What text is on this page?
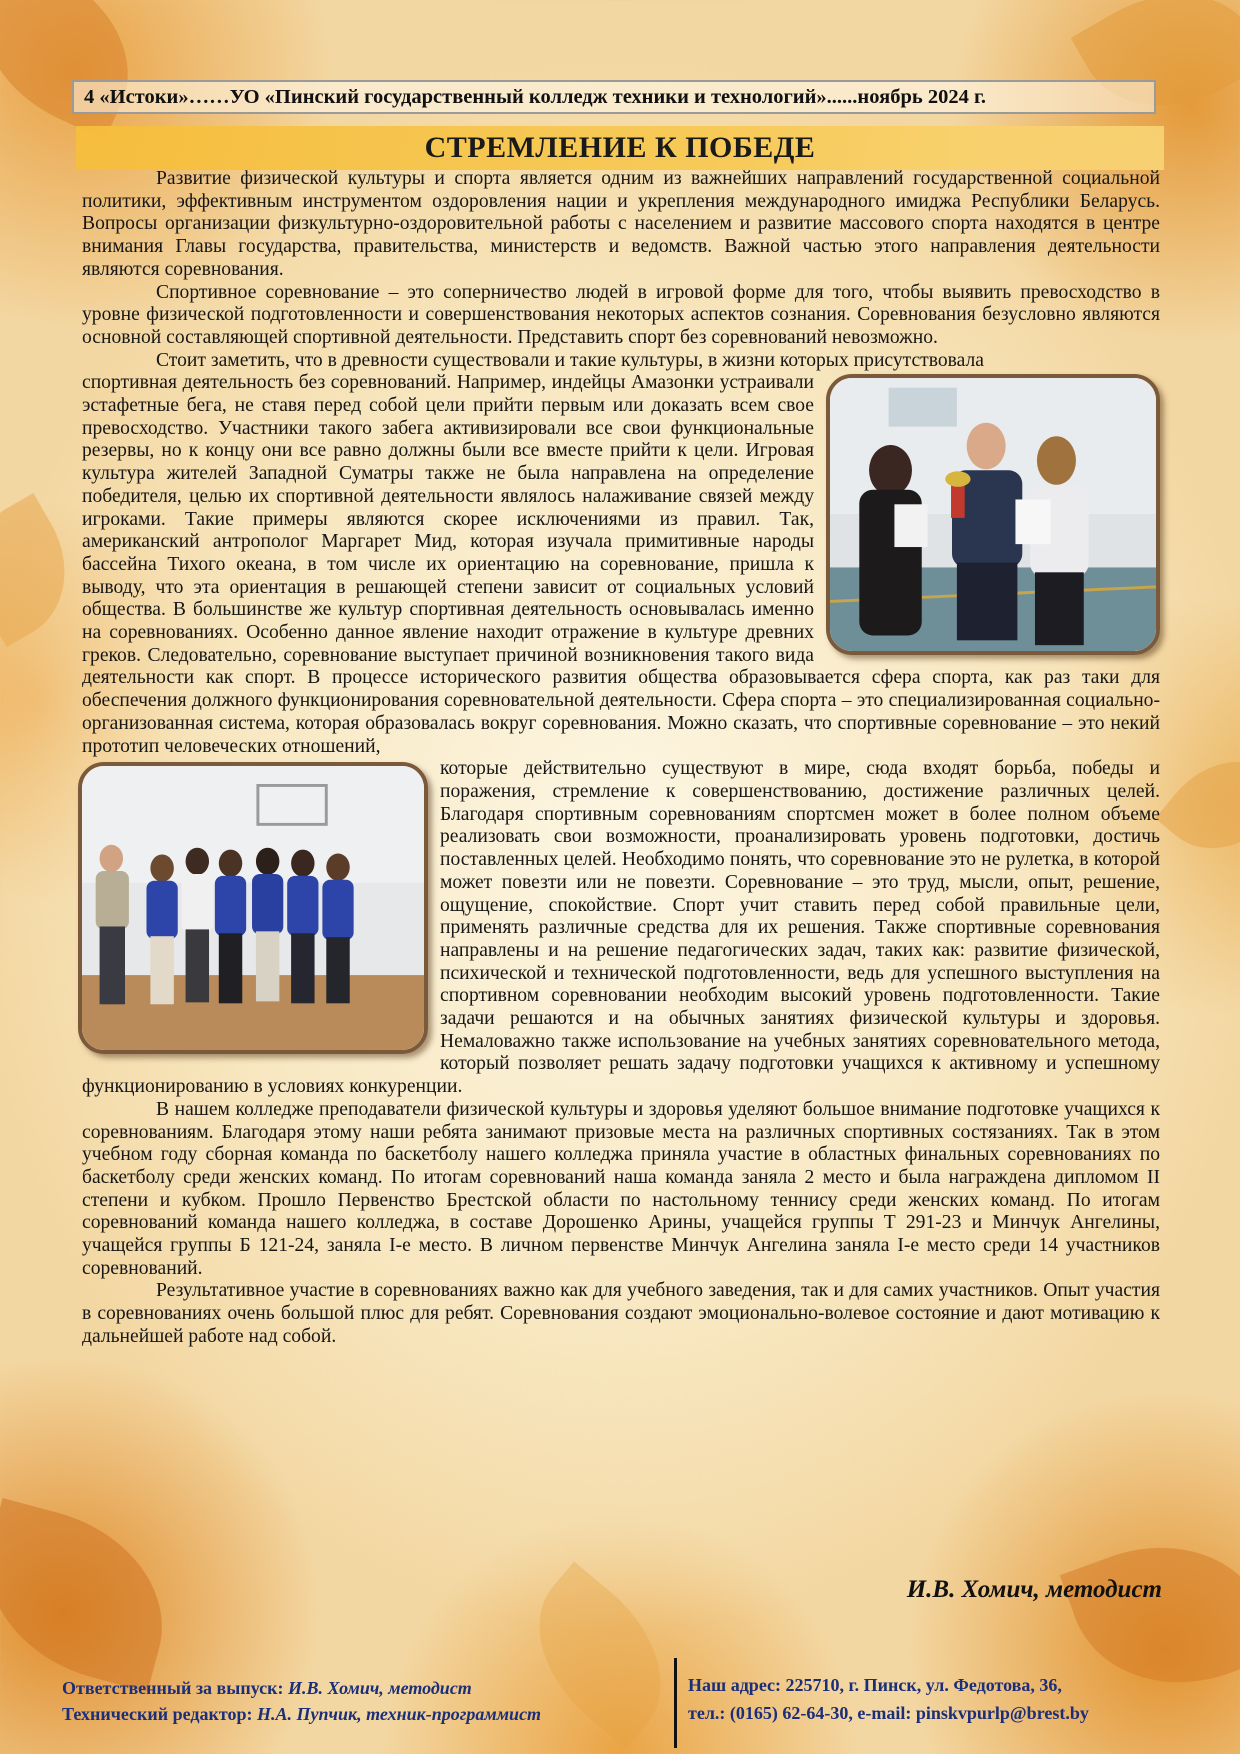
4 «Истоки»……УО «Пинский государственный колледж техники и технологий»......ноябрь 2024 г.
СТРЕМЛЕНИЕ К ПОБЕДЕ

Развитие физической культуры и спорта является одним из важнейших направлений государственной социальной политики, эффективным инструментом оздоровления нации и укрепления международного имиджа Республики Беларусь. Вопросы организации физкультурно-оздоровительной работы с населением и развитие массового спорта находятся в центре внимания Главы государства, правительства, министерств и ведомств. Важной частью этого направления деятельности являются соревнования.

Спортивное соревнование – это соперничество людей в игровой форме для того, чтобы выявить превосходство в уровне физической подготовленности и совершенствования некоторых аспектов сознания. Соревнования безусловно являются основной составляющей спортивной деятельности. Представить спорт без соревнований невозможно.

Стоит заметить, что в древности существовали и такие культуры, в жизни которых присутствовала

спортивная деятельность без соревнований. Например, индейцы Амазонки устраивали эстафетные бега, не ставя перед собой цели прийти первым или доказать всем свое превосходство. Участники такого забега активизировали все свои функциональные резервы, но к концу они все равно должны были все вместе прийти к цели. Игровая культура жителей Западной Суматры также не была направлена на определение победителя, целью их спортивной деятельности являлось налаживание связей между игроками. Такие примеры являются скорее исключениями из правил. Так, американский антрополог Маргарет Мид, которая изучала примитивные народы бассейна Тихого океана, в том числе их ориентацию на соревнование, пришла к выводу, что эта ориентация в решающей степени зависит от социальных условий общества. В большинстве же культур спортивная деятельность основывалась именно на соревнованиях. Особенно данное явление находит отражение в культуре древних греков. Следовательно, соревнование выступает причиной возникновения такого вида деятельности как спорт. В процессе исторического развития общества образовывается сфера спорта, как раз таки для обеспечения должного функционирования соревновательной деятельности. Сфера спорта – это специализированная социально-организованная система, которая образовалась вокруг соревнования. Можно сказать, что спортивные соревнование – это некий прототип человеческих отношений,

которые действительно существуют в мире, сюда входят борьба, победы и поражения, стремление к совершенствованию, достижение различных целей. Благодаря спортивным соревнованиям спортсмен может в более полном объеме реализовать свои возможности, проанализировать уровень подготовки, достичь поставленных целей. Необходимо понять, что соревнование это не рулетка, в которой может повезти или не повезти. Соревнование – это труд, мысли, опыт, решение, ощущение, спокойствие. Спорт учит ставить перед собой правильные цели, применять различные средства для их решения. Также спортивные соревнования направлены и на решение педагогических задач, таких как: развитие физической, психической и технической подготовленности, ведь для успешного выступления на спортивном соревновании необходим высокий уровень подготовленности. Такие задачи решаются и на обычных занятиях физической культуры и здоровья. Немаловажно также использование на учебных занятиях соревновательного метода, который позволяет решать задачу подготовки учащихся к активному и успешному функционированию в условиях конкуренции.

В нашем колледже преподаватели физической культуры и здоровья уделяют большое внимание подготовке учащихся к соревнованиям. Благодаря этому наши ребята занимают призовые места на различных спортивных состязаниях. Так в этом учебном году сборная команда по баскетболу нашего колледжа приняла участие в областных финальных соревнованиях по баскетболу среди женских команд. По итогам соревнований наша команда заняла 2 место и была награждена дипломом II степени и кубком. Прошло Первенство Брестской области по настольному теннису среди женских команд. По итогам соревнований команда нашего колледжа, в составе Дорошенко Арины, учащейся группы Т 291-23 и Минчук Ангелины, учащейся группы Б 121-24, заняла I-е место. В личном первенстве Минчук Ангелина заняла I-е место среди 14 участников соревнований.

Результативное участие в соревнованиях важно как для учебного заведения, так и для самих участников. Опыт участия в соревнованиях очень большой плюс для ребят. Соревнования создают эмоционально-волевое состояние и дают мотивацию к дальнейшей работе над собой.

И.В. Хомич, методист
Ответственный за выпуск: И.В. Хомич, методист
Технический редактор: Н.А. Пупчик, техник-программист
Наш адрес: 225710, г. Пинск, ул. Федотова, 36,
тел.: (0165) 62-64-30, e-mail: pinskvpurlp@brest.by
